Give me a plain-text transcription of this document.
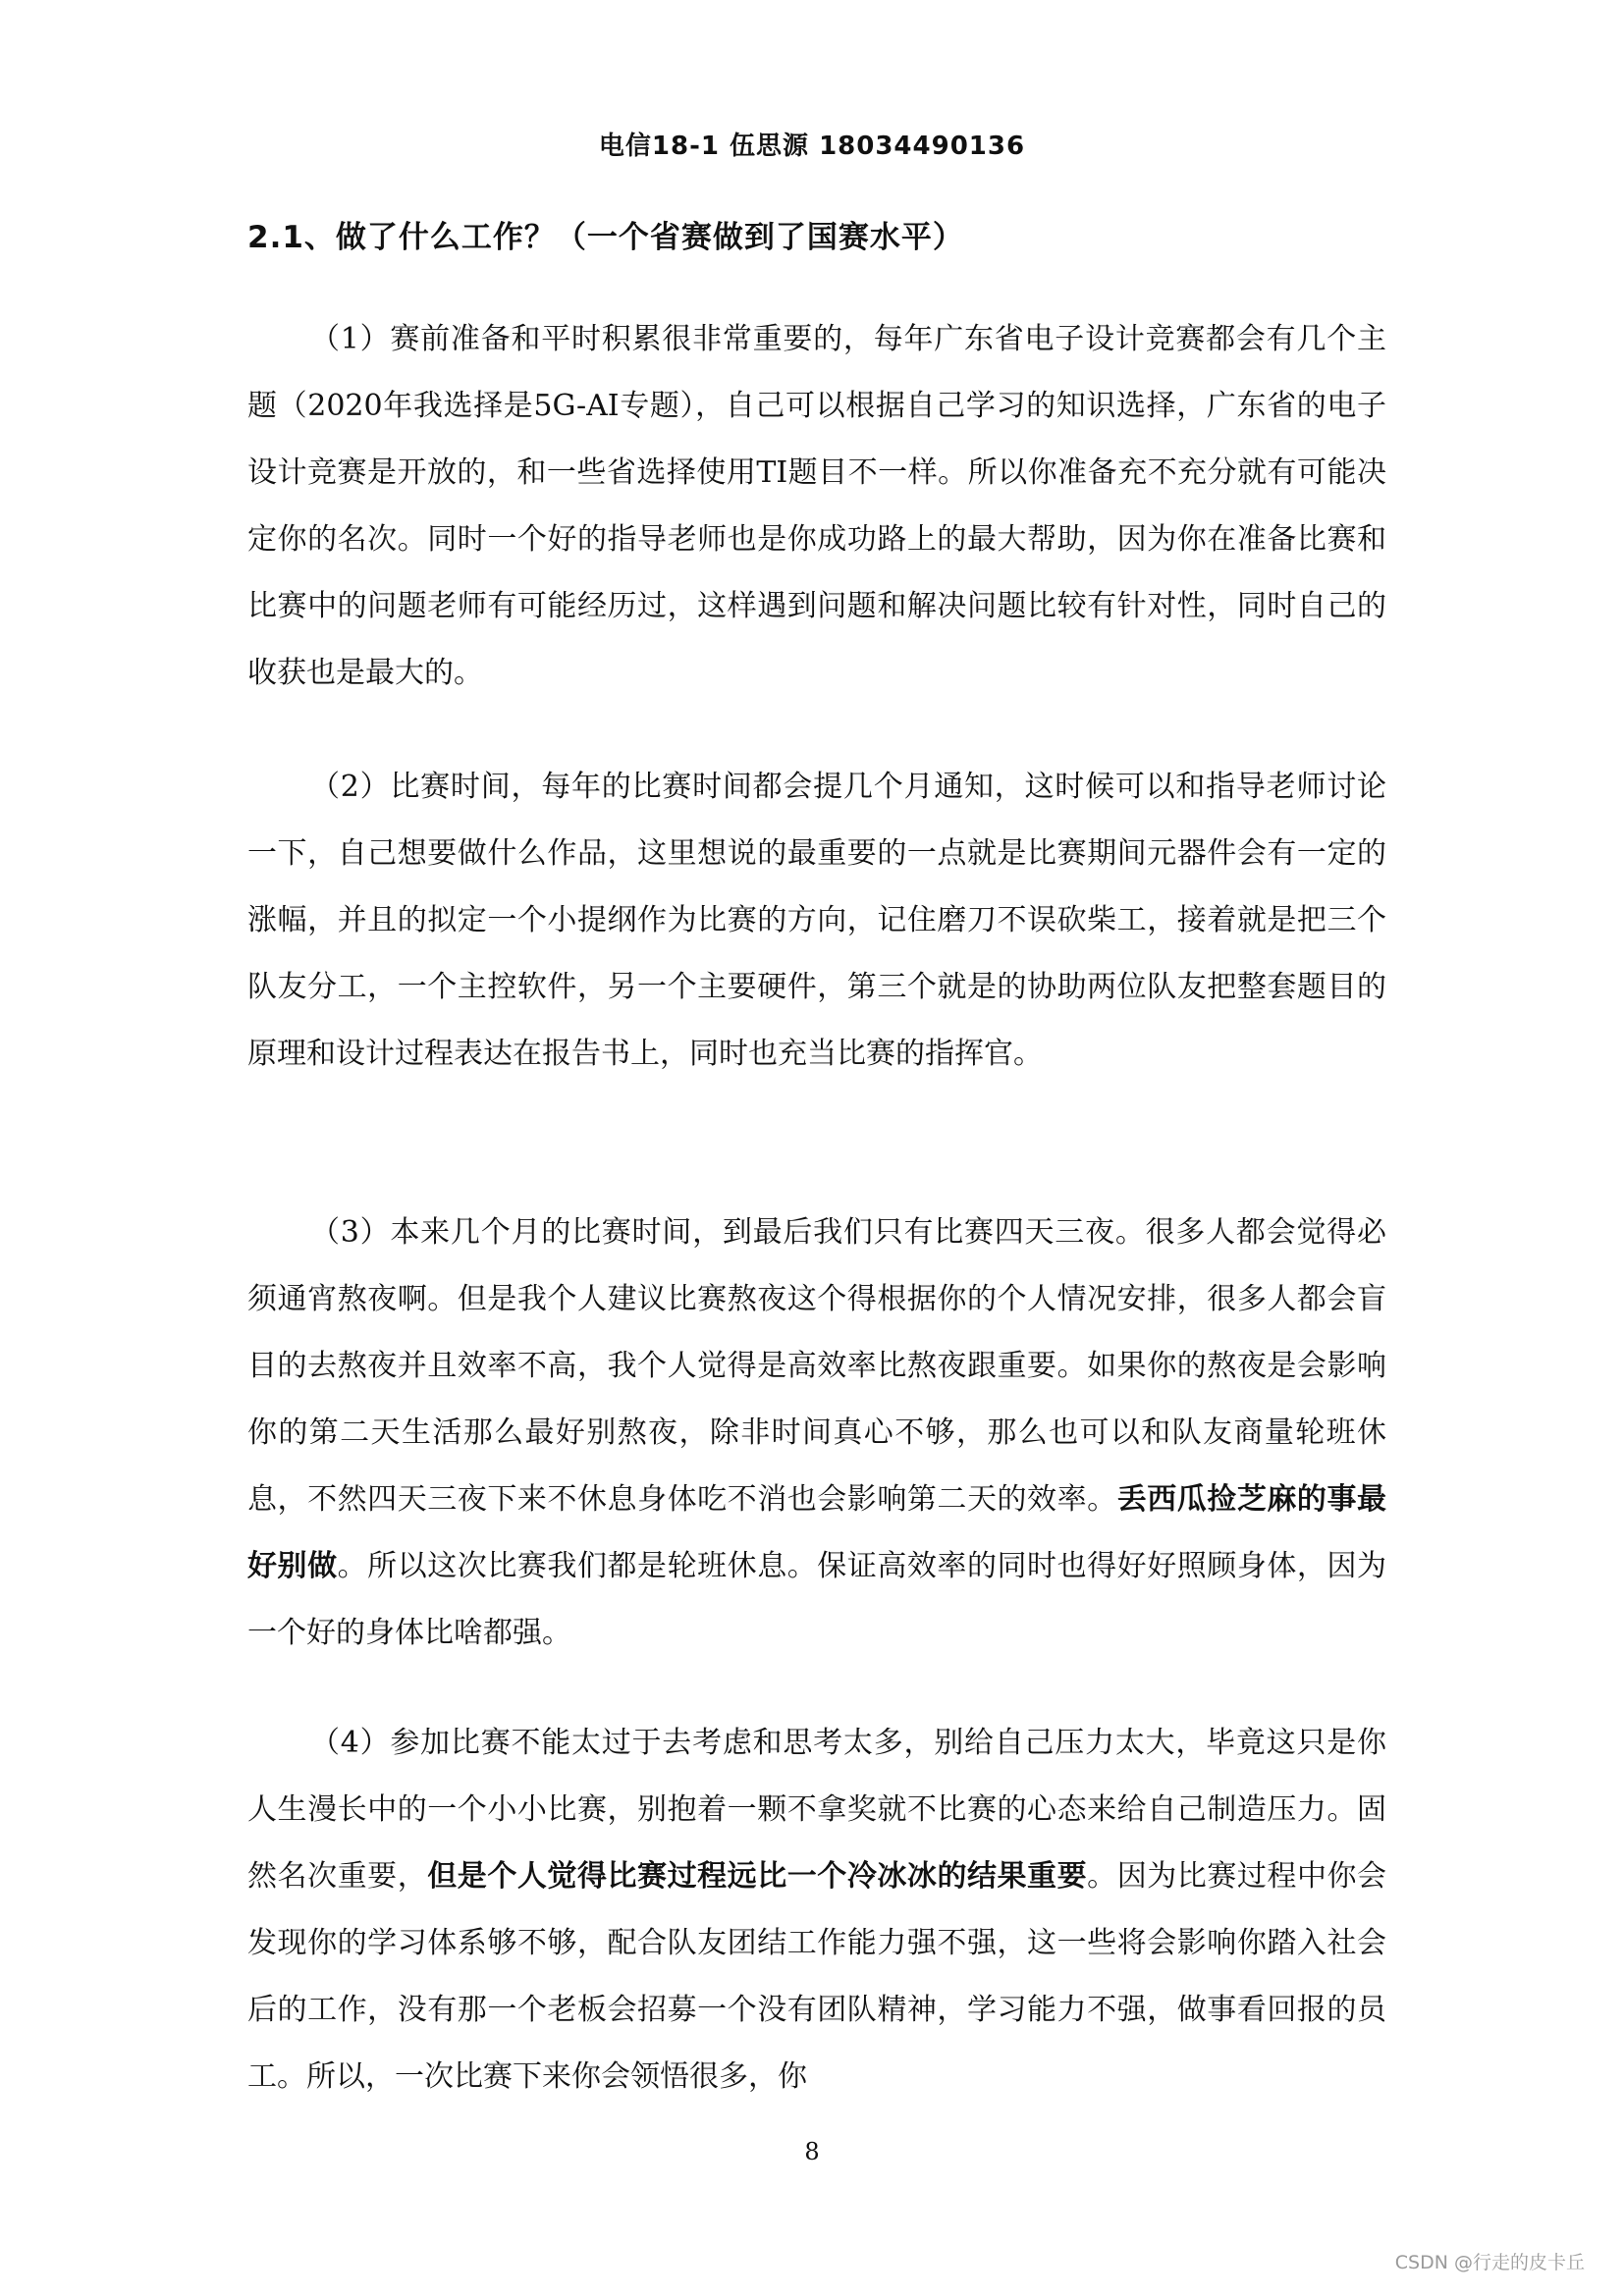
电信18-1 伍思源 18034490136
2.1、做了什么工作？（一个省赛做到了国赛水平）

（1）赛前准备和平时积累很非常重要的，每年广东省电子设计竞赛都会有几个主题（2020年我选择是5G-AI专题），自己可以根据自己学习的知识选择，广东省的电子设计竞赛是开放的，和一些省选择使用TI题目不一样。所以你准备充不充分就有可能决定你的名次。同时一个好的指导老师也是你成功路上的最大帮助，因为你在准备比赛和比赛中的问题老师有可能经历过，这样遇到问题和解决问题比较有针对性，同时自己的收获也是最大的。

（2）比赛时间，每年的比赛时间都会提几个月通知，这时候可以和指导老师讨论一下，自己想要做什么作品，这里想说的最重要的一点就是比赛期间元器件会有一定的涨幅，并且的拟定一个小提纲作为比赛的方向，记住磨刀不误砍柴工，接着就是把三个队友分工，一个主控软件，另一个主要硬件，第三个就是的协助两位队友把整套题目的原理和设计过程表达在报告书上，同时也充当比赛的指挥官。

（3）本来几个月的比赛时间，到最后我们只有比赛四天三夜。很多人都会觉得必须通宵熬夜啊。但是我个人建议比赛熬夜这个得根据你的个人情况安排，很多人都会盲目的去熬夜并且效率不高，我个人觉得是高效率比熬夜跟重要。如果你的熬夜是会影响你的第二天生活那么最好别熬夜，除非时间真心不够，那么也可以和队友商量轮班休息，不然四天三夜下来不休息身体吃不消也会影响第二天的效率。丢西瓜捡芝麻的事最好别做。所以这次比赛我们都是轮班休息。保证高效率的同时也得好好照顾身体，因为一个好的身体比啥都强。

（4）参加比赛不能太过于去考虑和思考太多，别给自己压力太大，毕竟这只是你人生漫长中的一个小小比赛，别抱着一颗不拿奖就不比赛的心态来给自己制造压力。固然名次重要，但是个人觉得比赛过程远比一个冷冰冰的结果重要。因为比赛过程中你会发现你的学习体系够不够，配合队友团结工作能力强不强，这一些将会影响你踏入社会后的工作，没有那一个老板会招募一个没有团队精神，学习能力不强，做事看回报的员工。所以，一次比赛下来你会领悟很多，你

8
CSDN @行走的皮卡丘
